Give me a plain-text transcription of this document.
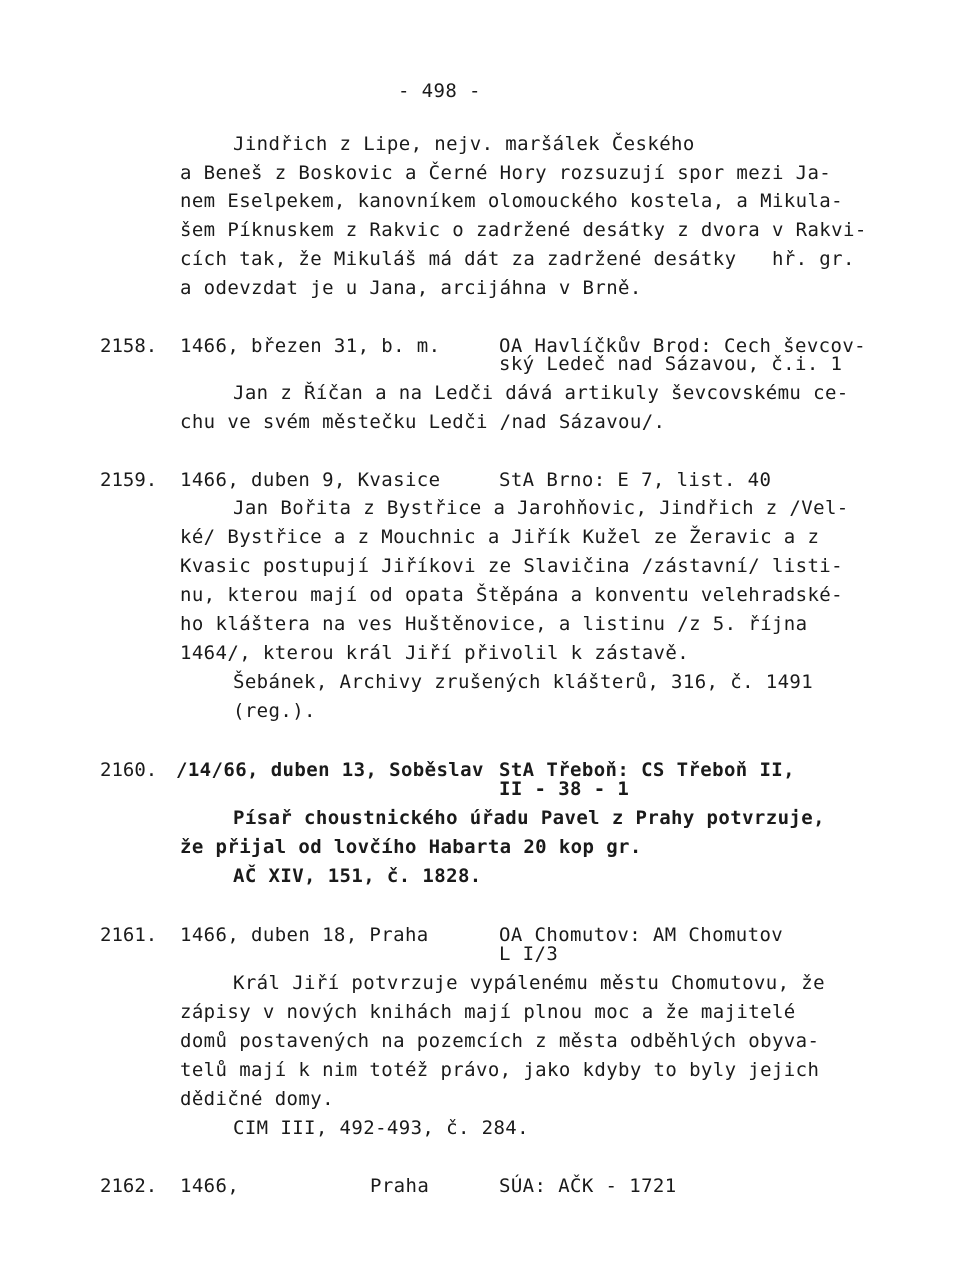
- 498 -
Jindřich z Lipe, nejv. maršálek Českého
a Beneš z Boskovic a Černé Hory rozsuzují spor mezi Ja-
nem Eselpekem, kanovníkem olomouckého kostela, a Mikula-
šem Píknuskem z Rakvic o zadržené desátky z dvora v Rakvi-
cích tak, že Mikuláš má dát za zadržené desátky   hř. gr.
a odevzdat je u Jana, arcijáhna v Brně.
2158. 1466, březen 31, b. m.	OA Havlíčkův Brod: Cech ševcov-
ský Ledeč nad Sázavou, č.i. 1
Jan z Říčan a na Ledči dává artikuly ševcovskému ce-
chu ve svém městečku Ledči /nad Sázavou/.
2159. 1466, duben 9, Kvasice	StA Brno: E 7, list. 40
Jan Bořita z Bystřice a Jarohňovic, Jindřich z /Vel-
ké/ Bystřice a z Mouchnic a Jiřík Kužel ze Žeravic a z
Kvasic postupují Jiříkovi ze Slavičina /zástavní/ listi-
nu, kterou mají od opata Štěpána a konventu velehradské-
ho kláštera na ves Huštěnovice, a listinu /z 5. října
1464/, kterou král Jiří přivolil k zástavě.
Šebánek, Archivy zrušených klášterů, 316, č. 1491
(reg.).
2160. /14/66, duben 13, Soběslav StA Třeboň: CS Třeboň II,
II - 38 - 1
Písař choustnického úřadu Pavel z Prahy potvrzuje,
že přijal od lovčího Habarta 20 kop gr.
AČ XIV, 151, č. 1828.
2161. 1466, duben 18, Praha	OA Chomutov: AM Chomutov
L I/3
Král Jiří potvrzuje vypálenému městu Chomutovu, že
zápisy v nových knihách mají plnou moc a že majitelé
domů postavených na pozemcích z města odběhlých obyva-
telů mají k nim totéž právo, jako kdyby to byly jejich
dědičné domy.
CIM III, 492-493, č. 284.
2162. 1466,	Praha	SÚA: AČK - 1721
